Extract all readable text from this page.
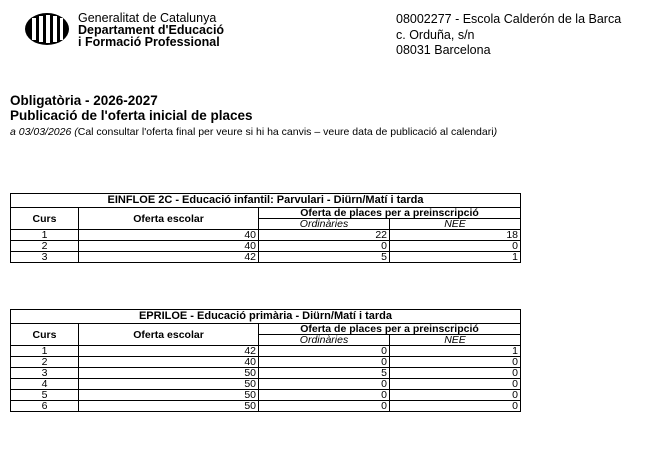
Generalitat de Catalunya
Departament d'Educació
i Formació Professional
08002277 - Escola Calderón de la Barca
c. Orduña, s/n
08031 Barcelona
Obligatòria - 2026-2027
Publicació de l'oferta inicial de places
a 03/03/2026 (Cal consultar l'oferta final per veure si hi ha canvis – veure data de publicació al calendari)
EINFLOE 2C - Educació infantil: Parvulari - Diürn/Matí i tarda			
Curs	Oferta escolar	Oferta de places per a preinscripció	
		Ordinàries	NEE
1	40	22	18
2	40	0	0
3	42	5	1
EPRILOE - Educació primària - Diürn/Matí i tarda			
Curs	Oferta escolar	Oferta de places per a preinscripció	
		Ordinàries	NEE
1	42	0	1
2	40	0	0
3	50	5	0
4	50	0	0
5	50	0	0
6	50	0	0
